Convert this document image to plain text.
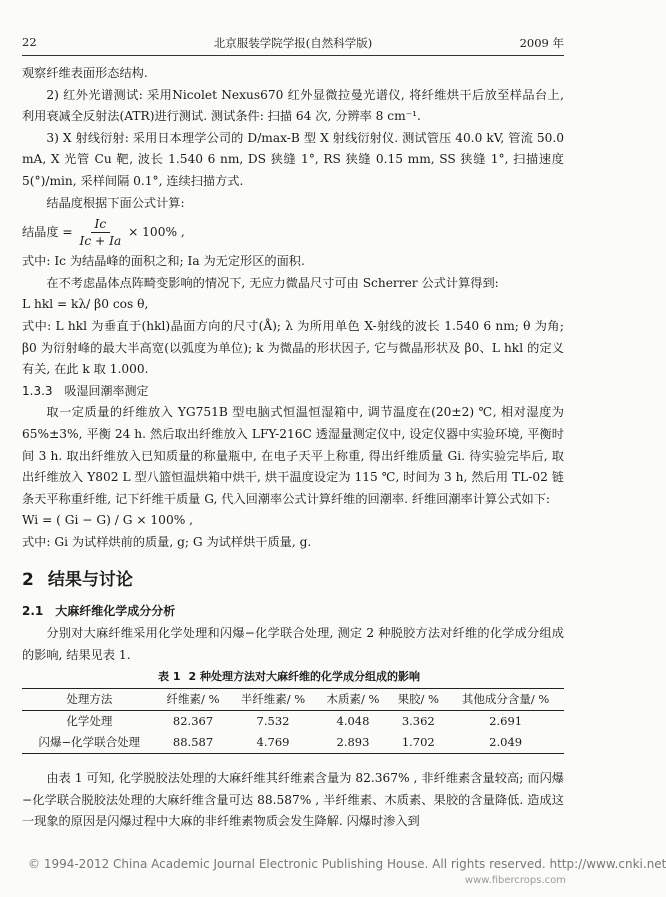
22	北京服装学院学报(自然科学版)	2009 年

观察纤维表面形态结构.

2) 红外光谱测试: 采用Nicolet Nexus670 红外显微拉曼光谱仪, 将纤维烘干后放至样品台上, 利用衰减全反射法(ATR)进行测试. 测试条件: 扫描 64 次, 分辨率 8 cm⁻¹.

3) X 射线衍射: 采用日本理学公司的 D/max-B 型 X 射线衍射仪. 测试管压 40.0 kV, 管流 50.0 mA, X 光管 Cu 靶, 波长 1.540 6 nm, DS 狭缝 1°, RS 狭缝 0.15 mm, SS 狭缝 1°, 扫描速度 5(°)/min, 采样间隔 0.1°, 连续扫描方式.

结晶度根据下面公式计算:

结晶度 = $\frac{Ic}{Ic + Ia} \times 100\%$ ,

式中: Ic 为结晶峰的面积之和; Ia 为无定形区的面积.

在不考虑晶体点阵畸变影响的情况下, 无应力微晶尺寸可由 Scherrer 公式计算得到:

L hkl = kλ/ β0 cos θ,

式中: L hkl 为垂直于(hkl)晶面方向的尺寸(Å); λ 为所用单色 X-射线的波长 1.540 6 nm; θ 为角; β0 为衍射峰的最大半高宽(以弧度为单位); k 为微晶的形状因子, 它与微晶形状及 β0、L hkl 的定义有关, 在此 k 取 1.000.

1.3.3 吸湿回潮率测定

取一定质量的纤维放入 YG751B 型电脑式恒温恒湿箱中, 调节温度在(20±2) ℃, 相对湿度为 65%±3%, 平衡 24 h. 然后取出纤维放入 LFY-216C 透湿量测定仪中, 设定仪器中实验环境, 平衡时间 3 h. 取出纤维放入已知质量的称量瓶中, 在电子天平上称重, 得出纤维质量 Gi. 待实验完毕后, 取出纤维放入 Y802 L 型八篮恒温烘箱中烘干, 烘干温度设定为 115 ℃, 时间为 3 h, 然后用 TL-02 链条天平称重纤维, 记下纤维干质量 G, 代入回潮率公式计算纤维的回潮率. 纤维回潮率计算公式如下:

Wi = ( Gi − G) / G × 100% ,

式中: Gi 为试样烘前的质量, g; G 为试样烘干质量, g.

2 结果与讨论

2.1 大麻纤维化学成分分析

分别对大麻纤维采用化学处理和闪爆−化学联合处理, 测定 2 种脱胶方法对纤维的化学成分组成的影响, 结果见表 1.

表 1 2 种处理方法对大麻纤维的化学成分组成的影响
处理方法	纤维素/ %	半纤维素/ %	木质素/ %	果胶/ %	其他成分含量/ %
化学处理	82.367	7.532	4.048	3.362	2.691
闪爆−化学联合处理	88.587	4.769	2.893	1.702	2.049

由表 1 可知, 化学脱胶法处理的大麻纤维其纤维素含量为 82.367% , 非纤维素含量较高; 而闪爆−化学联合脱胶法处理的大麻纤维含量可达 88.587% , 半纤维素、木质素、果胶的含量降低. 造成这一现象的原因是闪爆过程中大麻的非纤维素物质会发生降解. 闪爆时渗入到

© 1994-2012 China Academic Journal Electronic Publishing House. All rights reserved. http://www.cnki.net
www.fibercrops.com
